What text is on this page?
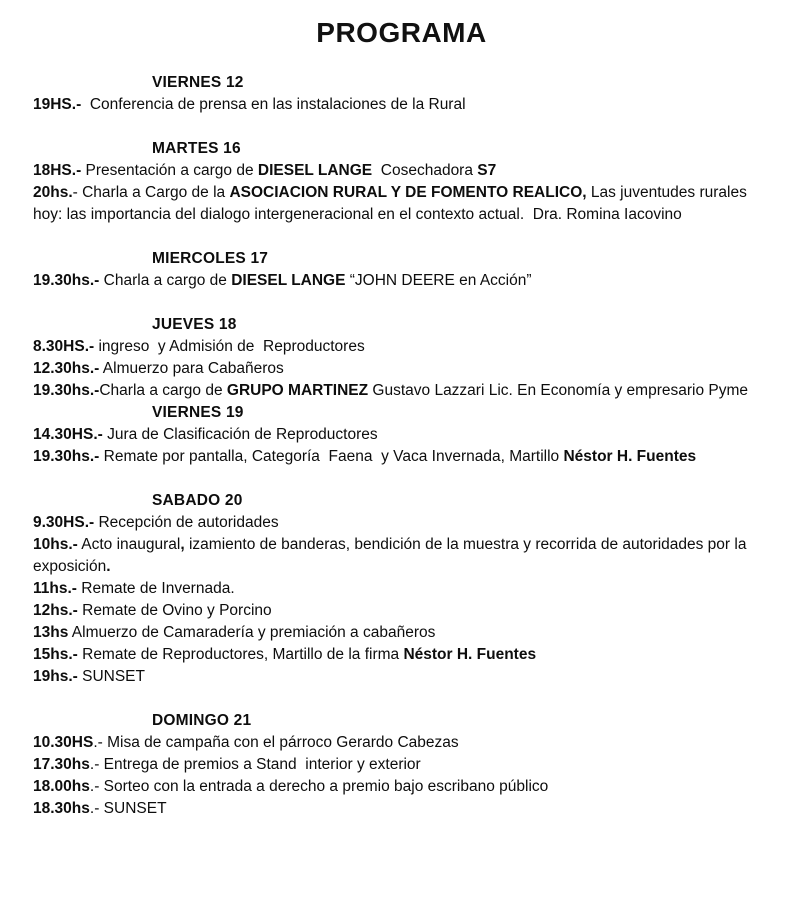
PROGRAMA
VIERNES 12
19HS.-  Conferencia de prensa en las instalaciones de la Rural

MARTES 16
18HS.- Presentación a cargo de DIESEL LANGE  Cosechadora S7
20hs.- Charla a Cargo de la ASOCIACION RURAL Y DE FOMENTO REALICO, Las juventudes rurales hoy: las importancia del dialogo intergeneracional en el contexto actual.  Dra. Romina Iacovino

MIERCOLES 17
19.30hs.- Charla a cargo de DIESEL LANGE “JOHN DEERE en Acción”

JUEVES 18
8.30HS.- ingreso  y Admisión de  Reproductores
12.30hs.- Almuerzo para Cabañeros
19.30hs.-Charla a cargo de GRUPO MARTINEZ Gustavo Lazzari Lic. En Economía y empresario Pyme
VIERNES 19
14.30HS.- Jura de Clasificación de Reproductores
19.30hs.- Remate por pantalla, Categoría  Faena  y Vaca Invernada, Martillo Néstor H. Fuentes

SABADO 20
9.30HS.- Recepción de autoridades
10hs.- Acto inaugural, izamiento de banderas, bendición de la muestra y recorrida de autoridades por la exposición.
11hs.- Remate de Invernada.
12hs.- Remate de Ovino y Porcino
13hs Almuerzo de Camaradería y premiación a cabañeros
15hs.- Remate de Reproductores, Martillo de la firma Néstor H. Fuentes
19hs.- SUNSET

DOMINGO 21
10.30HS.- Misa de campaña con el párroco Gerardo Cabezas
17.30hs.- Entrega de premios a Stand  interior y exterior
18.00hs.- Sorteo con la entrada a derecho a premio bajo escribano público
18.30hs.- SUNSET
